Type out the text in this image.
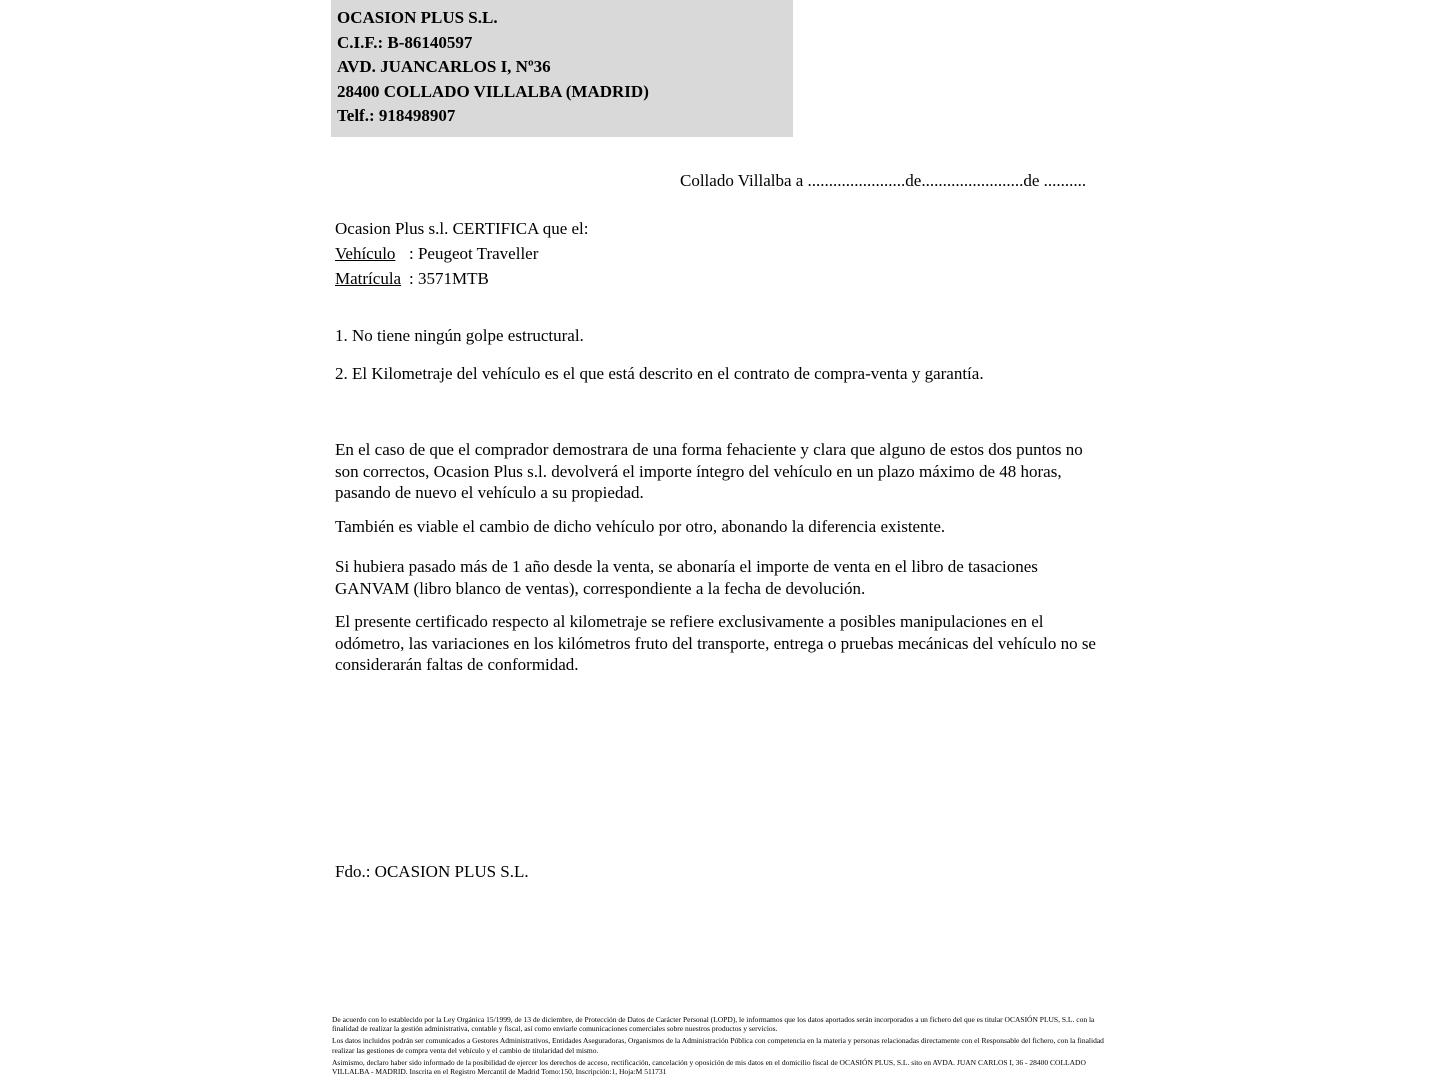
OCASION PLUS S.L.
C.I.F.: B-86140597
AVD. JUANCARLOS I, Nº36
28400 COLLADO VILLALBA (MADRID)
Telf.: 918498907
Collado Villalba a .......................de........................de ..........
Ocasion Plus s.l. CERTIFICA que el:
Vehículo : Peugeot Traveller
Matrícula : 3571MTB
1. No tiene ningún golpe estructural.
2. El Kilometraje del vehículo es el que está descrito en el contrato de compra-venta y garantía.
En el caso de que el comprador demostrara de una forma fehaciente y clara que alguno de estos dos puntos no son correctos, Ocasion Plus s.l. devolverá el importe íntegro del vehículo en un plazo máximo de 48 horas, pasando de nuevo el vehículo a su propiedad.
También es viable el cambio de dicho vehículo por otro, abonando la diferencia existente.
Si hubiera pasado más de 1 año desde la venta, se abonaría el importe de venta en el libro de tasaciones GANVAM (libro blanco de ventas), correspondiente a la fecha de devolución.
El presente certificado respecto al kilometraje se refiere exclusivamente a posibles manipulaciones en el odómetro, las variaciones en los kilómetros fruto del transporte, entrega o pruebas mecánicas del vehículo no se considerarán faltas de conformidad.
Fdo.: OCASION PLUS S.L.

De acuerdo con lo establecido por la Ley Orgánica 15/1999, de 13 de diciembre, de Protección de Datos de Carácter Personal (LOPD), le informamos que los datos aportados serán incorporados a un fichero del que es titular OCASIÓN PLUS, S.L. con la finalidad de realizar la gestión administrativa, contable y fiscal, así como enviarle comunicaciones comerciales sobre nuestros productos y servicios.

Los datos incluidos podrán ser comunicados a Gestores Administrativos, Entidades Aseguradoras, Organismos de la Administración Pública con competencia en la materia y personas relacionadas directamente con el Responsable del fichero, con la finalidad realizar las gestiones de compra venta del vehículo y el cambio de titularidad del mismo.

Asimismo, declaro haber sido informado de la posibilidad de ejercer los derechos de acceso, rectificación, cancelación y oposición de mis datos en el domicilio fiscal de OCASIÓN PLUS, S.L. sito en AVDA. JUAN CARLOS I, 36 - 28400 COLLADO VILLALBA - MADRID. Inscrita en el Registro Mercantil de Madrid Tomo:150, Inscripción:1, Hoja:M 511731
